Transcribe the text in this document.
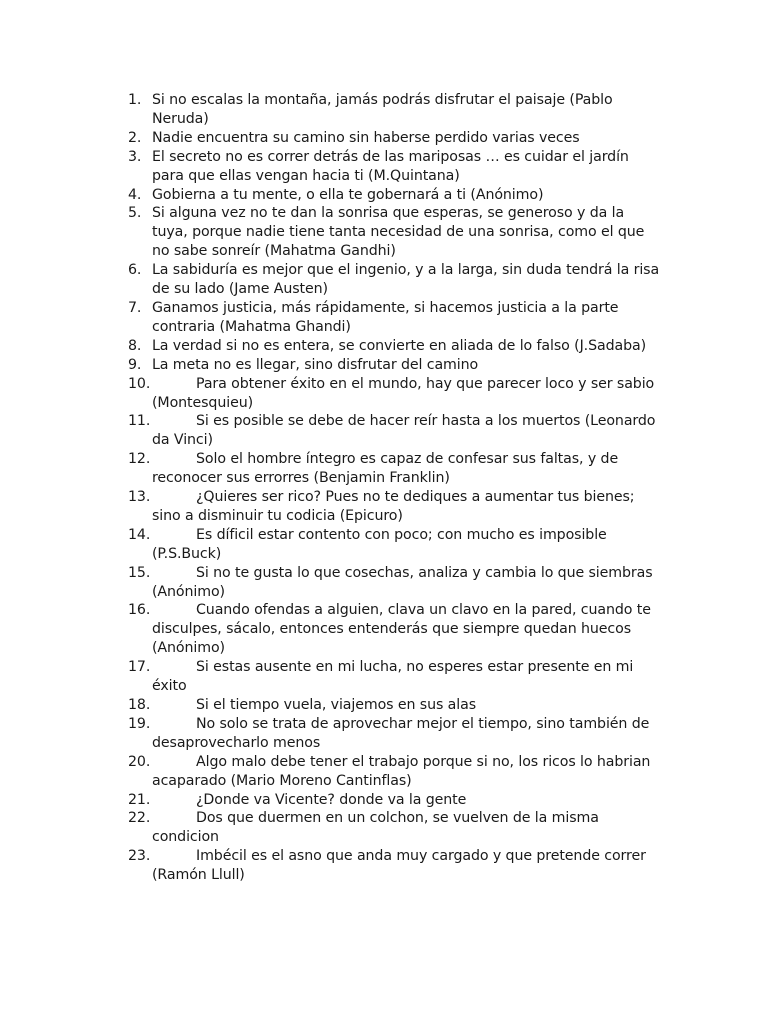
1. Si no escalas la montaña, jamás podrás disfrutar el paisaje (Pablo Neruda)
2. Nadie encuentra su camino sin haberse perdido varias veces
3. El secreto no es correr detrás de las mariposas … es cuidar el jardín para que ellas vengan hacia ti (M.Quintana)
4. Gobierna a tu mente, o ella te gobernará a ti (Anónimo)
5. Si alguna vez no te dan la sonrisa que esperas, se generoso y da la tuya, porque nadie tiene tanta necesidad de una sonrisa, como el que no sabe sonreír (Mahatma Gandhi)
6. La sabiduría es mejor que el ingenio, y a la larga, sin duda tendrá la risa de su lado (Jame Austen)
7. Ganamos justicia, más rápidamente, si hacemos justicia a la parte contraria (Mahatma Ghandi)
8. La verdad si no es entera, se convierte en aliada de lo falso (J.Sadaba)
9. La meta no es llegar, sino disfrutar del camino
10.	Para obtener éxito en el mundo, hay que parecer loco y ser sabio (Montesquieu)
11.	Si es posible se debe de hacer reír hasta a los muertos (Leonardo da Vinci)
12.	Solo el hombre íntegro es capaz de confesar sus faltas, y de reconocer sus errorres (Benjamin Franklin)
13.	¿Quieres ser rico? Pues no te dediques a aumentar tus bienes; sino a disminuir tu codicia (Epicuro)
14.	Es díficil estar contento con poco; con mucho es imposible (P.S.Buck)
15.	Si no te gusta lo que cosechas, analiza y cambia lo que siembras (Anónimo)
16.	Cuando ofendas a alguien, clava un clavo en la pared, cuando te disculpes, sácalo, entonces entenderás que siempre quedan huecos (Anónimo)
17.	Si estas ausente en mi lucha, no esperes estar presente en mi éxito
18.	Si el tiempo vuela, viajemos en sus alas
19.	No solo se trata de aprovechar mejor el tiempo, sino también de desaprovecharlo menos
20.	Algo malo debe tener el trabajo porque si no, los ricos lo habrian acaparado (Mario Moreno Cantinflas)
21.	¿Donde va Vicente? donde va la gente
22.	Dos que duermen en un colchon, se vuelven de la misma condicion
23.	Imbécil es el asno que anda muy cargado y que pretende correr (Ramón Llull)
